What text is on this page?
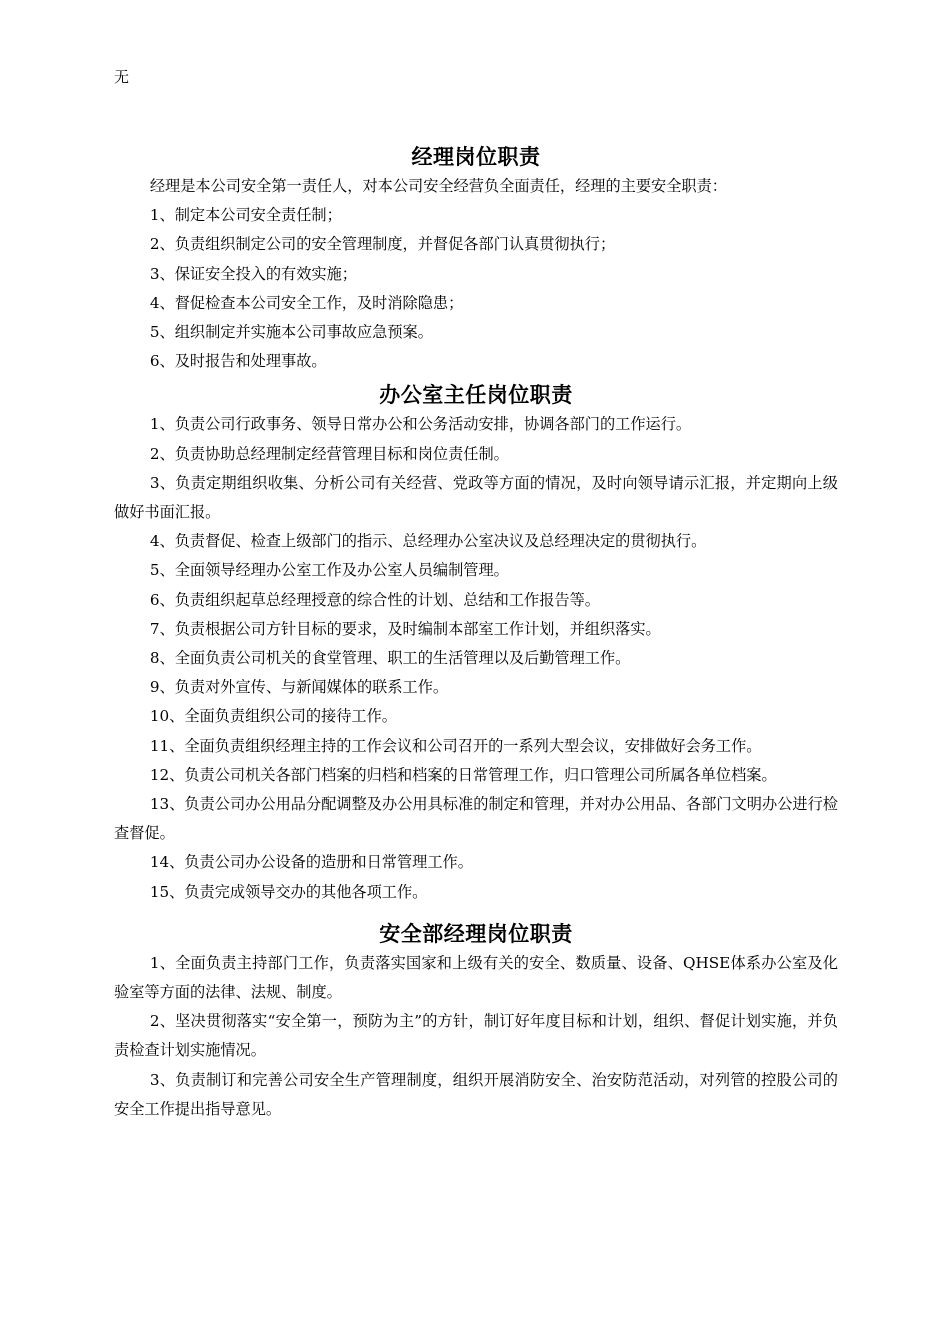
无
经理岗位职责

经理是本公司安全第一责任人，对本公司安全经营负全面责任，经理的主要安全职责：

1、制定本公司安全责任制；

2、负责组织制定公司的安全管理制度，并督促各部门认真贯彻执行；

3、保证安全投入的有效实施；

4、督促检查本公司安全工作，及时消除隐患；

5、组织制定并实施本公司事故应急预案。

6、及时报告和处理事故。

办公室主任岗位职责

1、负责公司行政事务、领导日常办公和公务活动安排，协调各部门的工作运行。

2、负责协助总经理制定经营管理目标和岗位责任制。

3、负责定期组织收集、分析公司有关经营、党政等方面的情况，及时向领导请示汇报，并定期向上级做好书面汇报。

4、负责督促、检查上级部门的指示、总经理办公室决议及总经理决定的贯彻执行。

5、全面领导经理办公室工作及办公室人员编制管理。

6、负责组织起草总经理授意的综合性的计划、总结和工作报告等。

7、负责根据公司方针目标的要求，及时编制本部室工作计划，并组织落实。

8、全面负责公司机关的食堂管理、职工的生活管理以及后勤管理工作。

9、负责对外宣传、与新闻媒体的联系工作。

10、全面负责组织公司的接待工作。

11、全面负责组织经理主持的工作会议和公司召开的一系列大型会议，安排做好会务工作。

12、负责公司机关各部门档案的归档和档案的日常管理工作，归口管理公司所属各单位档案。

13、负责公司办公用品分配调整及办公用具标准的制定和管理，并对办公用品、各部门文明办公进行检查督促。

14、负责公司办公设备的造册和日常管理工作。

15、负责完成领导交办的其他各项工作。

安全部经理岗位职责

1、全面负责主持部门工作，负责落实国家和上级有关的安全、数质量、设备、QHSE体系办公室及化验室等方面的法律、法规、制度。

2、坚决贯彻落实“安全第一，预防为主”的方针，制订好年度目标和计划，组织、督促计划实施，并负责检查计划实施情况。

3、负责制订和完善公司安全生产管理制度，组织开展消防安全、治安防范活动，对列管的控股公司的安全工作提出指导意见。
